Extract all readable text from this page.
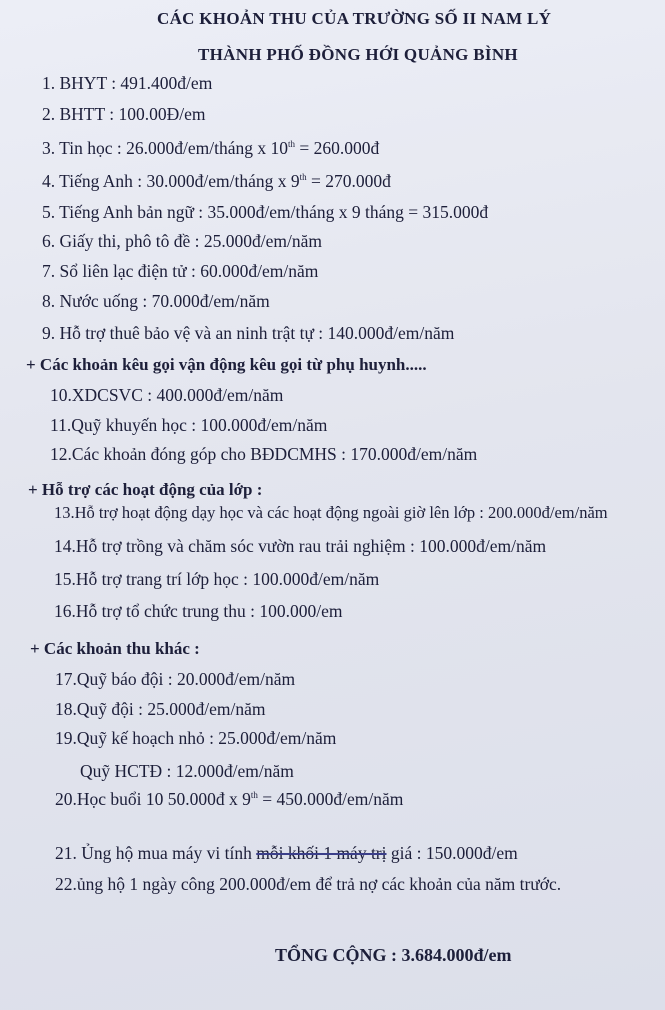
CÁC KHOẢN THU CỦA TRƯỜNG SỐ II NAM LÝ
THÀNH PHỐ ĐỒNG HỚI QUẢNG BÌNH
1. BHYT : 491.400đ/em
2. BHTT : 100.00Đ/em
3. Tin học : 26.000đ/em/tháng x 10th = 260.000đ
4. Tiếng Anh : 30.000đ/em/tháng x 9th = 270.000đ
5. Tiếng Anh bản ngữ : 35.000đ/em/tháng x 9 tháng = 315.000đ
6. Giấy thi, phô tô đề : 25.000đ/em/năm
7. Sổ liên lạc điện tử : 60.000đ/em/năm
8. Nước uống : 70.000đ/em/năm
9. Hỗ trợ thuê bảo vệ và an ninh trật tự : 140.000đ/em/năm
+ Các khoản kêu gọi vận động kêu gọi từ phụ huynh.....
10.XDCSVC : 400.000đ/em/năm
11.Quỹ khuyến học : 100.000đ/em/năm
12.Các khoản đóng góp cho BĐDCMHS : 170.000đ/em/năm
+ Hỗ trợ các hoạt động của lớp :
13.Hỗ trợ hoạt động dạy học và các hoạt động ngoài giờ lên lớp : 200.000đ/em/năm
14.Hỗ trợ trồng và chăm sóc vườn rau trải nghiệm : 100.000đ/em/năm
15.Hỗ trợ trang trí lớp học : 100.000đ/em/năm
16.Hỗ trợ tổ chức trung thu : 100.000/em
+ Các khoản thu khác :
17.Quỹ báo đội : 20.000đ/em/năm
18.Quỹ đội : 25.000đ/em/năm
19.Quỹ kế hoạch nhỏ : 25.000đ/em/năm
Quỹ HCTĐ : 12.000đ/em/năm
20.Học buổi 10 50.000đ x 9th = 450.000đ/em/năm
21. Ủng hộ mua máy vi tính mỗi khối 1 máy trị giá : 150.000đ/em
22.ủng hộ 1 ngày công 200.000đ/em để trả nợ các khoản của năm trước.
TỔNG CỘNG : 3.684.000đ/em
